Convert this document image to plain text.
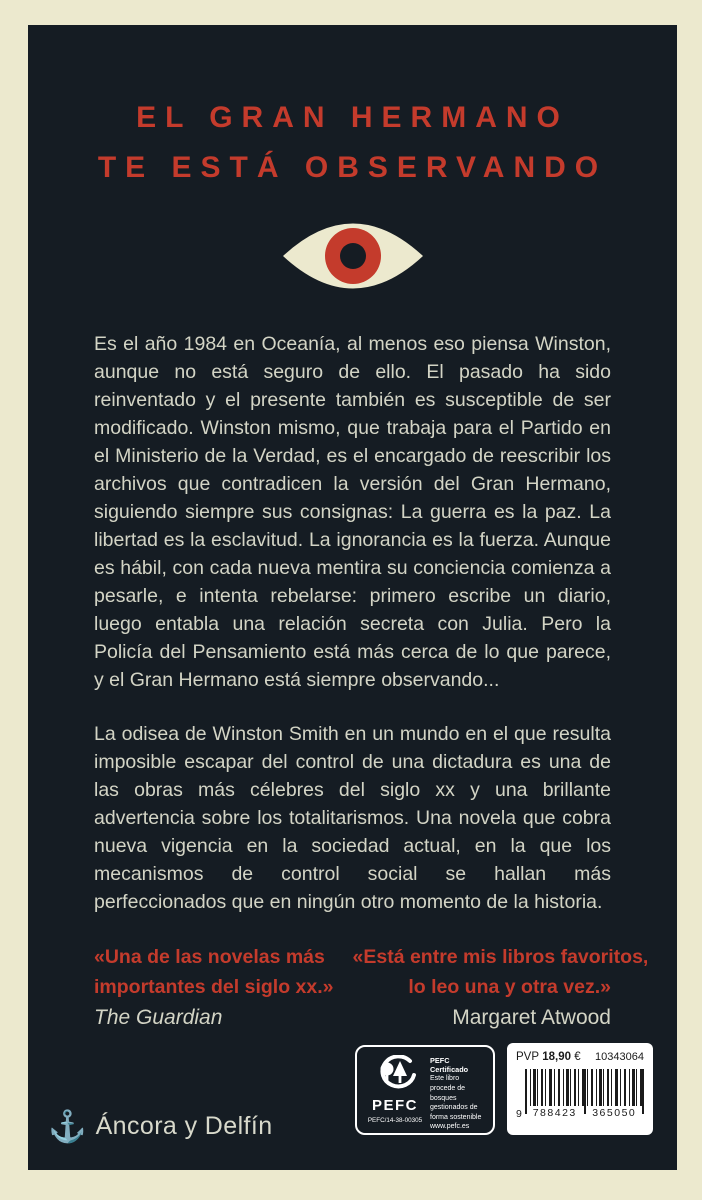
EL GRAN HERMANO
TE ESTÁ OBSERVANDO

Es el año 1984 en Oceanía, al menos eso piensa Winston, aunque no está seguro de ello. El pasado ha sido reinventado y el presente también es susceptible de ser modificado. Winston mismo, que trabaja para el Partido en el Ministerio de la Verdad, es el encargado de reescribir los archivos que contradicen la versión del Gran Hermano, siguiendo siempre sus consignas: La guerra es la paz. La libertad es la esclavitud. La ignorancia es la fuerza. Aunque es hábil, con cada nueva mentira su conciencia comienza a pesarle, e intenta rebelarse: primero escribe un diario, luego entabla una relación secreta con Julia. Pero la Policía del Pensamiento está más cerca de lo que parece, y el Gran Hermano está siempre observando...

La odisea de Winston Smith en un mundo en el que resulta imposible escapar del control de una dictadura es una de las obras más célebres del siglo xx y una brillante advertencia sobre los totalitarismos. Una novela que cobra nueva vigencia en la sociedad actual, en la que los mecanismos de control social se hallan más perfeccionados que en ningún otro momento de la historia.

«Una de las novelas más
importantes del siglo xx.»
The Guardian
«Está entre mis libros favoritos,
lo leo una y otra vez.»
Margaret Atwood
⚓ Áncora y Delfín
PEFC
PEFC/14-38-00305
PEFC Certificado
Este libro procede de bosques gestionados de forma sostenible
www.pefc.es
PVP 18,90 € 10343064
9	788423	365050
